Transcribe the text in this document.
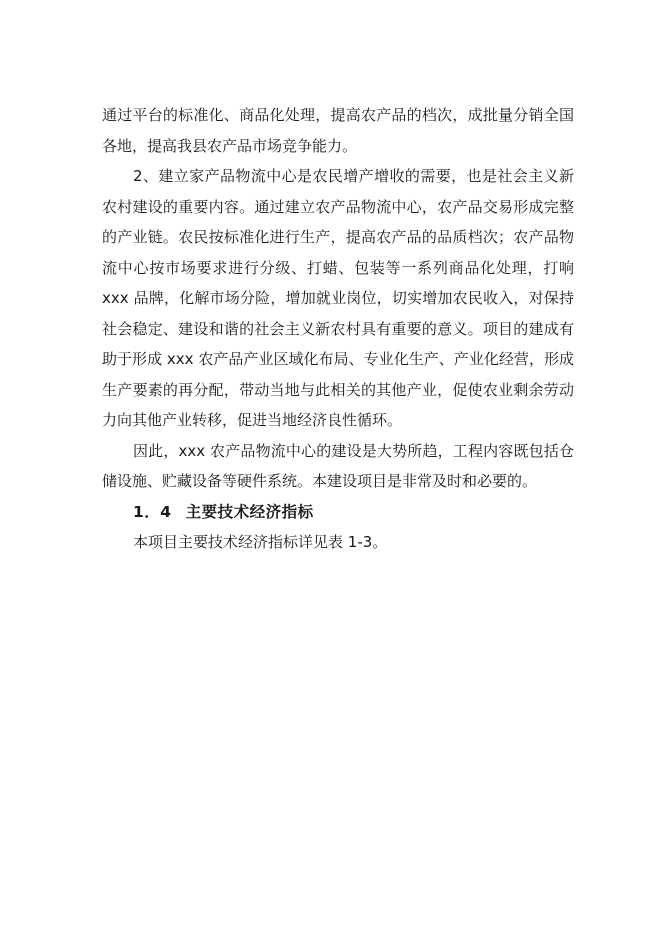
通过平台的标准化、商品化处理，提高农产品的档次，成批量分销全国各地，提高我县农产品市场竞争能力。

2、建立家产品物流中心是农民增产增收的需要，也是社会主义新农村建设的重要内容。通过建立农产品物流中心，农产品交易形成完整的产业链。农民按标准化进行生产，提高农产品的品质档次；农产品物流中心按市场要求进行分级、打蜡、包装等一系列商品化处理，打响 xxx 品牌，化解市场分险，增加就业岗位，切实增加农民收入，对保持社会稳定、建设和谐的社会主义新农村具有重要的意义。项目的建成有助于形成 xxx 农产品产业区域化布局、专业化生产、产业化经营，形成生产要素的再分配，带动当地与此相关的其他产业，促使农业剩余劳动力向其他产业转移，促进当地经济良性循环。

因此，xxx 农产品物流中心的建设是大势所趋，工程内容既包括仓储设施、贮藏设备等硬件系统。本建设项目是非常及时和必要的。

1．4 主要技术经济指标

本项目主要技术经济指标详见表 1-3。
